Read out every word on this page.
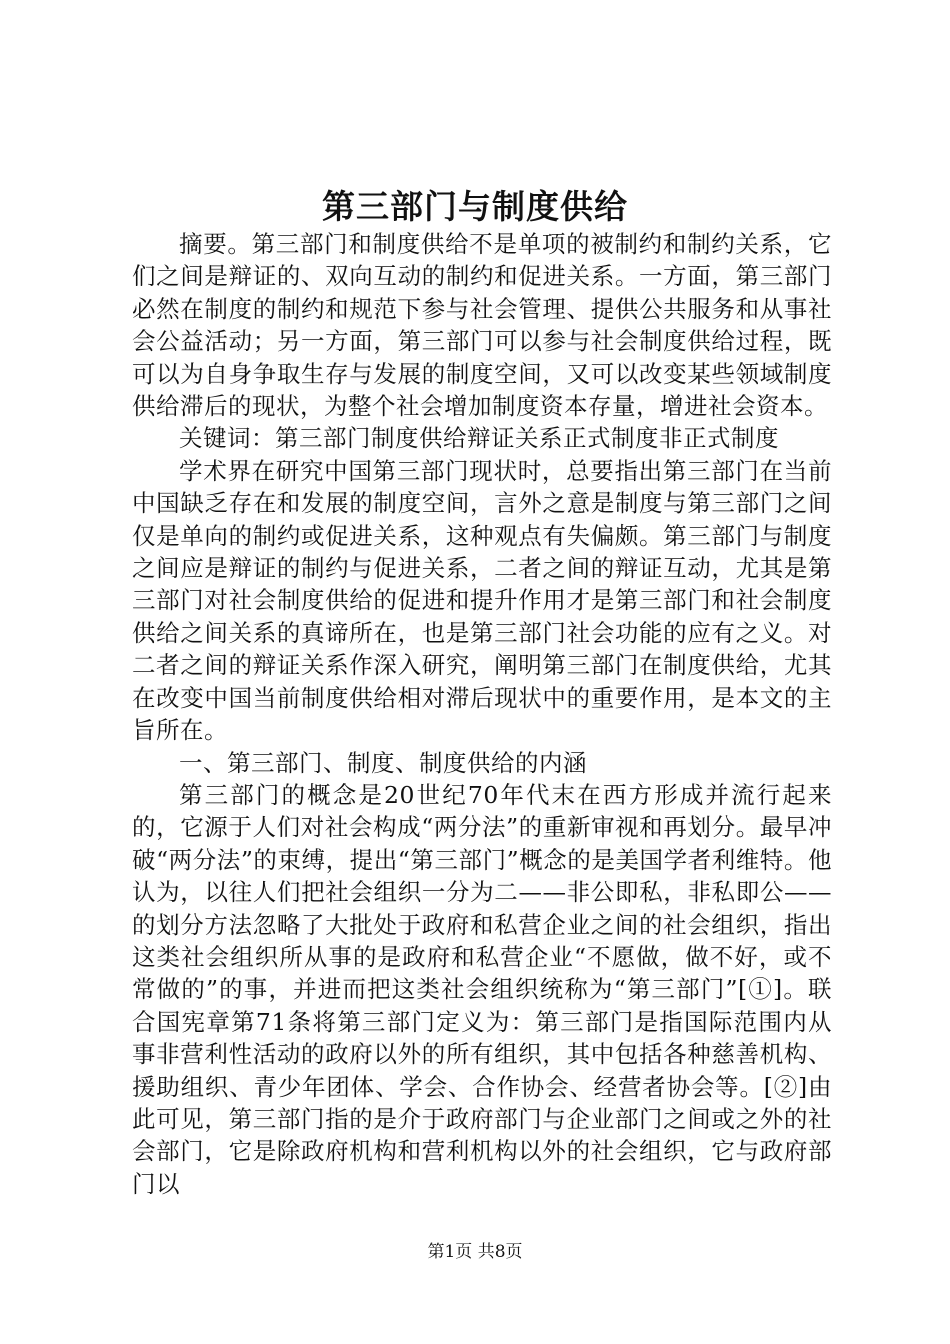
第三部门与制度供给

摘要。第三部门和制度供给不是单项的被制约和制约关系，它们之间是辩证的、双向互动的制约和促进关系。一方面，第三部门必然在制度的制约和规范下参与社会管理、提供公共服务和从事社会公益活动；另一方面，第三部门可以参与社会制度供给过程，既可以为自身争取生存与发展的制度空间，又可以改变某些领域制度供给滞后的现状，为整个社会增加制度资本存量，增进社会资本。

关键词：第三部门制度供给辩证关系正式制度非正式制度

学术界在研究中国第三部门现状时，总要指出第三部门在当前中国缺乏存在和发展的制度空间，言外之意是制度与第三部门之间仅是单向的制约或促进关系，这种观点有失偏颇。第三部门与制度之间应是辩证的制约与促进关系，二者之间的辩证互动，尤其是第三部门对社会制度供给的促进和提升作用才是第三部门和社会制度供给之间关系的真谛所在，也是第三部门社会功能的应有之义。对二者之间的辩证关系作深入研究，阐明第三部门在制度供给，尤其在改变中国当前制度供给相对滞后现状中的重要作用，是本文的主旨所在。

一、第三部门、制度、制度供给的内涵

第三部门的概念是20世纪70年代末在西方形成并流行起来的，它源于人们对社会构成“两分法”的重新审视和再划分。最早冲破“两分法”的束缚，提出“第三部门”概念的是美国学者利维特。他认为，以往人们把社会组织一分为二——非公即私，非私即公——的划分方法忽略了大批处于政府和私营企业之间的社会组织，指出这类社会组织所从事的是政府和私营企业“不愿做，做不好，或不常做的”的事，并进而把这类社会组织统称为“第三部门”[①]。联合国宪章第71条将第三部门定义为：第三部门是指国际范围内从事非营利性活动的政府以外的所有组织，其中包括各种慈善机构、援助组织、青少年团体、学会、合作协会、经营者协会等。[②]由此可见，第三部门指的是介于政府部门与企业部门之间或之外的社会部门，它是除政府机构和营利机构以外的社会组织，它与政府部门以

第1页 共8页
